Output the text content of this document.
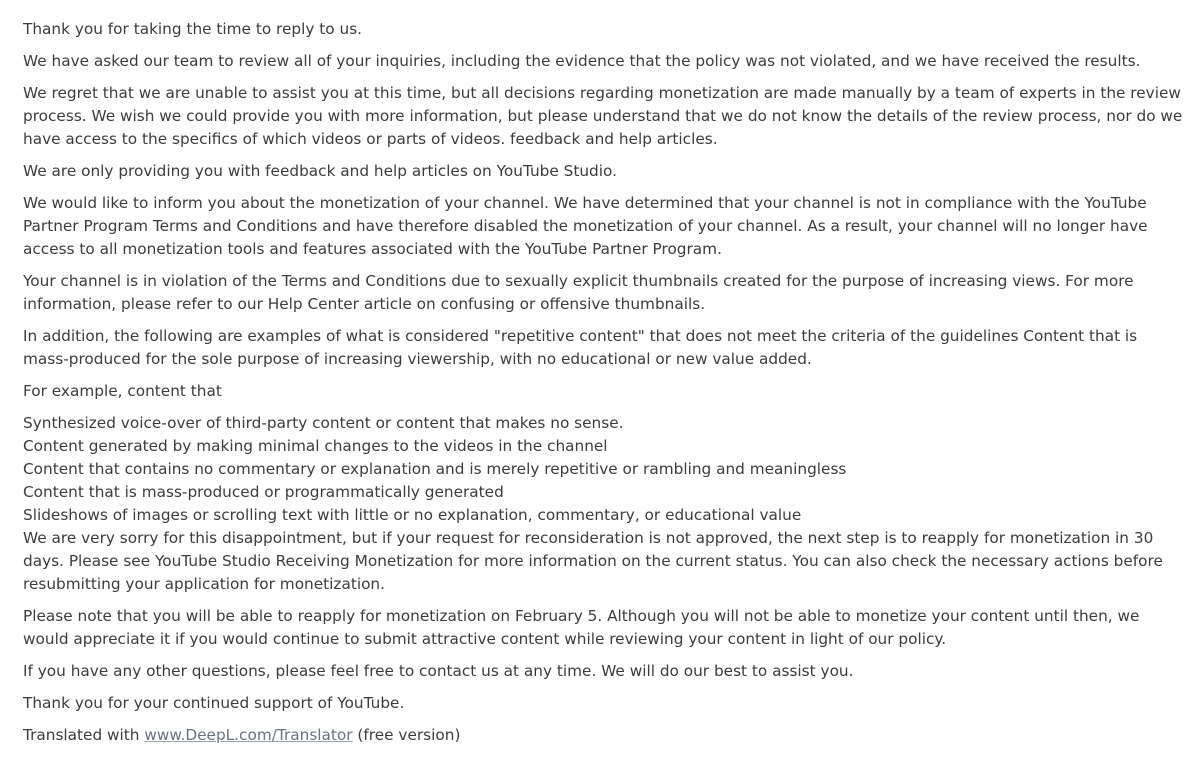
Thank you for taking the time to reply to us.

We have asked our team to review all of your inquiries, including the evidence that the policy was not violated, and we have received the results.

We regret that we are unable to assist you at this time, but all decisions regarding monetization are made manually by a team of experts in the review process. We wish we could provide you with more information, but please understand that we do not know the details of the review process, nor do we have access to the specifics of which videos or parts of videos. feedback and help articles.

We are only providing you with feedback and help articles on YouTube Studio.

We would like to inform you about the monetization of your channel. We have determined that your channel is not in compliance with the YouTube Partner Program Terms and Conditions and have therefore disabled the monetization of your channel. As a result, your channel will no longer have access to all monetization tools and features associated with the YouTube Partner Program.

Your channel is in violation of the Terms and Conditions due to sexually explicit thumbnails created for the purpose of increasing views. For more information, please refer to our Help Center article on confusing or offensive thumbnails.

In addition, the following are examples of what is considered "repetitive content" that does not meet the criteria of the guidelines Content that is mass-produced for the sole purpose of increasing viewership, with no educational or new value added.

For example, content that

Synthesized voice-over of third-party content or content that makes no sense.
Content generated by making minimal changes to the videos in the channel
Content that contains no commentary or explanation and is merely repetitive or rambling and meaningless
Content that is mass-produced or programmatically generated
Slideshows of images or scrolling text with little or no explanation, commentary, or educational value

We are very sorry for this disappointment, but if your request for reconsideration is not approved, the next step is to reapply for monetization in 30 days. Please see YouTube Studio Receiving Monetization for more information on the current status. You can also check the necessary actions before resubmitting your application for monetization.

Please note that you will be able to reapply for monetization on February 5. Although you will not be able to monetize your content until then, we would appreciate it if you would continue to submit attractive content while reviewing your content in light of our policy.

If you have any other questions, please feel free to contact us at any time. We will do our best to assist you.

Thank you for your continued support of YouTube.

Translated with www.DeepL.com/Translator (free version)
